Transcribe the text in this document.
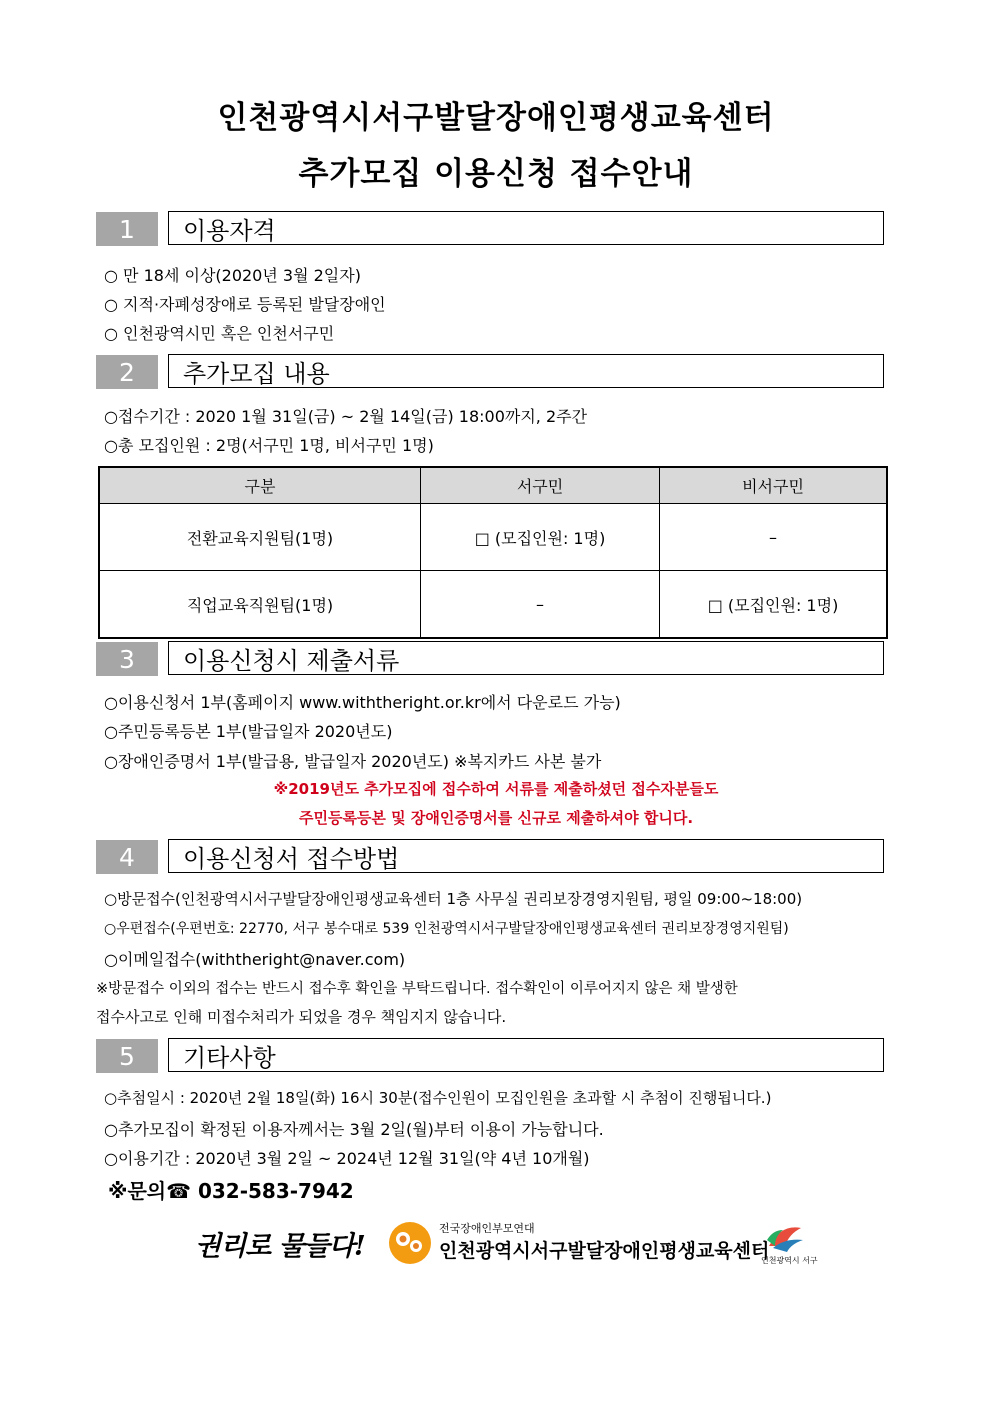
인천광역시서구발달장애인평생교육센터
추가모집 이용신청 접수안내
1	이용자격
○ 만 18세 이상(2020년 3월 2일자)
○ 지적·자폐성장애로 등록된 발달장애인
○ 인천광역시민 혹은 인천서구민
2	추가모집 내용
○접수기간 : 2020 1월 31일(금) ~ 2월 14일(금) 18:00까지, 2주간
○총 모집인원 : 2명(서구민 1명, 비서구민 1명)
구분	서구민	비서구민
전환교육지원팀(1명)	□ (모집인원: 1명)	–
직업교육직원팀(1명)	–	□ (모집인원: 1명)
3	이용신청시 제출서류
○이용신청서 1부(홈페이지 www.withtheright.or.kr에서 다운로드 가능)
○주민등록등본 1부(발급일자 2020년도)
○장애인증명서 1부(발급용, 발급일자 2020년도) ※복지카드 사본 불가
※2019년도 추가모집에 접수하여 서류를 제출하셨던 접수자분들도
주민등록등본 및 장애인증명서를 신규로 제출하셔야 합니다.
4	이용신청서 접수방법
○방문접수(인천광역시서구발달장애인평생교육센터 1층 사무실 권리보장경영지원팀, 평일 09:00~18:00)
○우편접수(우편번호: 22770, 서구 봉수대로 539 인천광역시서구발달장애인평생교육센터 권리보장경영지원팀)
○이메일접수(withtheright@naver.com)
※방문접수 이외의 접수는 반드시 접수후 확인을 부탁드립니다. 접수확인이 이루어지지 않은 채 발생한
접수사고로 인해 미접수처리가 되었을 경우 책임지지 않습니다.
5	기타사항
○추첨일시 : 2020년 2월 18일(화) 16시 30분(접수인원이 모집인원을 초과할 시 추첨이 진행됩니다.)
○추가모집이 확정된 이용자께서는 3월 2일(월)부터 이용이 가능합니다.
○이용기간 : 2020년 3월 2일 ~ 2024년 12월 31일(약 4년 10개월)
※문의☎ 032-583-7942
권리로 물들다!
전국장애인부모연대
인천광역시서구발달장애인평생교육센터
인천광역시 서구
